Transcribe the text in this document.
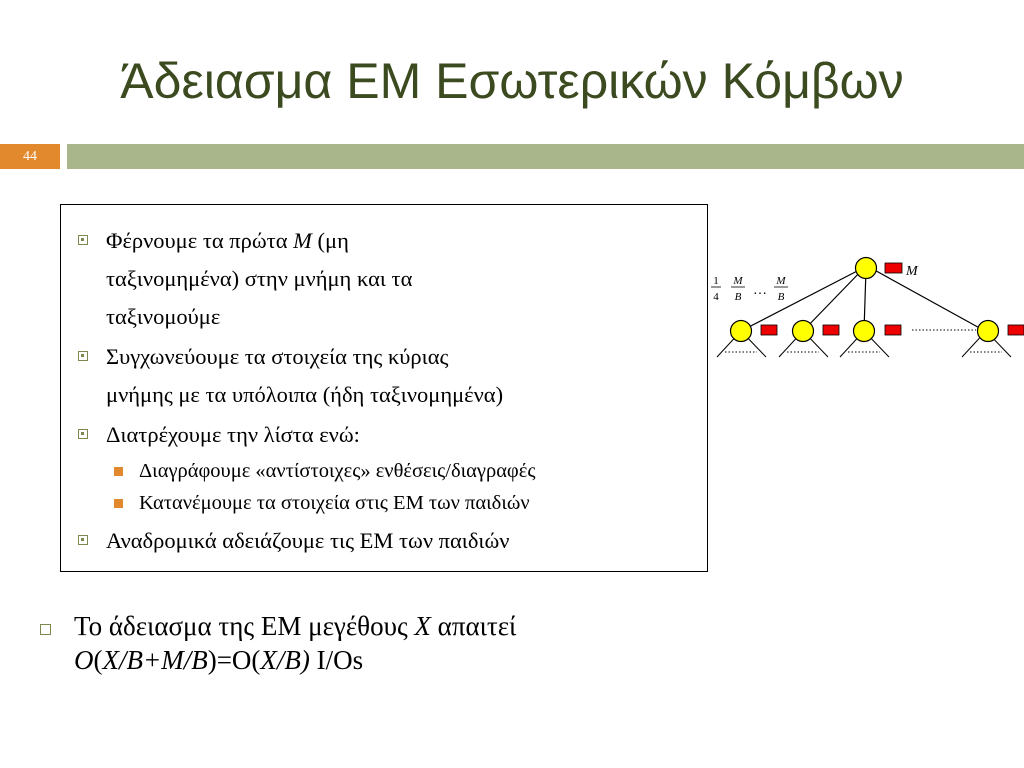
Άδειασμα ΕΜ Εσωτερικών Κόμβων
44
Φέρνουμε τα πρώτα M (μη
ταξινομημένα) στην μνήμη και τα
ταξινομούμε
Συγχωνεύουμε τα στοιχεία της κύριας
μνήμης με τα υπόλοιπα (ήδη ταξινομημένα)
Διατρέχουμε την λίστα ενώ:
Διαγράφουμε «αντίστοιχες» ενθέσεις/διαγραφές
Κατανέμουμε τα στοιχεία στις ΕΜ των παιδιών
Αναδρομικά αδειάζουμε τις ΕΜ των παιδιών
Το άδειασμα της ΕΜ μεγέθους X απαιτεί
O(X/B+M/B)=O(X/B) I/Os
M
1
4
M
B …
M
B
